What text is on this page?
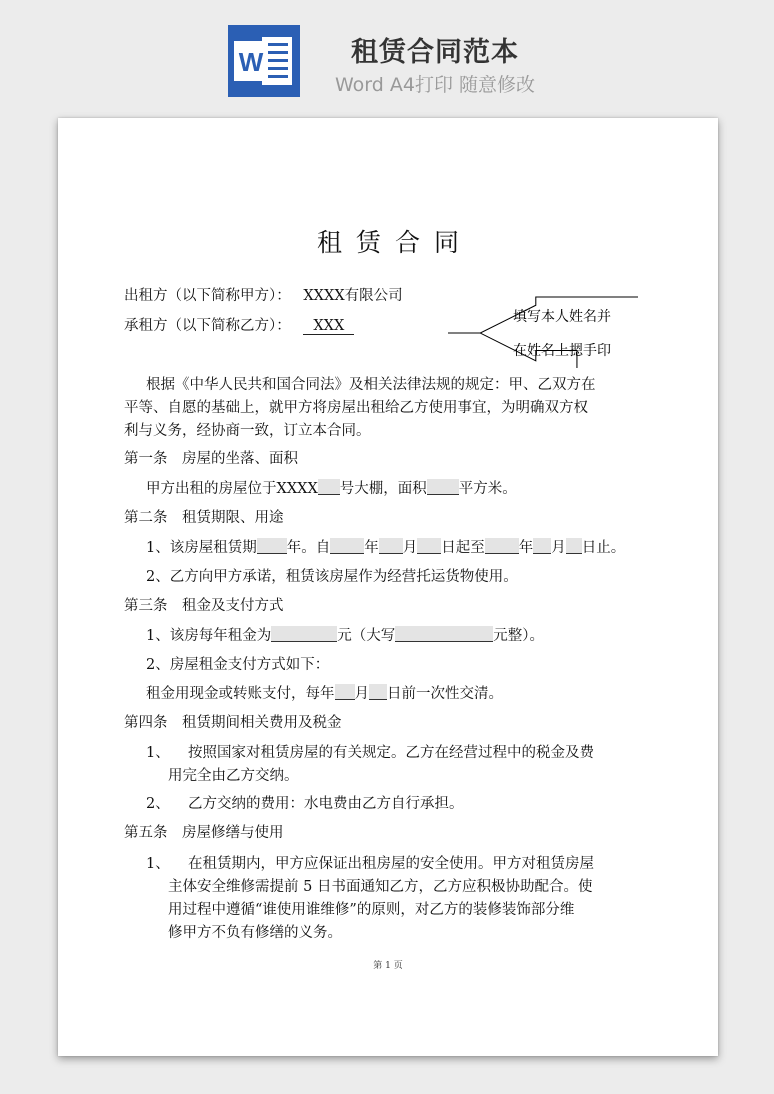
W	租赁合同范本
Word A4打印 随意修改
租赁合同
出租方（以下简称甲方）： XXXX有限公司
承租方（以下简称乙方）： XXX
填写本人姓名并
在姓名上摁手印
根据《中华人民共和国合同法》及相关法律法规的规定：甲、乙双方在
平等、自愿的基础上，就甲方将房屋出租给乙方使用事宜，为明确双方权
利与义务，经协商一致，订立本合同。
第一条　房屋的坐落、面积
甲方出租的房屋位于XXXX 号大棚，面积 平方米。
第二条　租赁期限、用途
1、该房屋租赁期 年。自 年 月 日起至 年 月 日止。
2、乙方向甲方承诺，租赁该房屋作为经营托运货物使用。
第三条　租金及支付方式
1、该房每年租金为	元（大写	元整）。
2、房屋租金支付方式如下：
租金用现金或转账支付，每年 月 日前一次性交清。
第四条　租赁期间相关费用及税金
1、 按照国家对租赁房屋的有关规定。乙方在经营过程中的税金及费
用完全由乙方交纳。
2、 乙方交纳的费用：水电费由乙方自行承担。
第五条　房屋修缮与使用
1、 在租赁期内，甲方应保证出租房屋的安全使用。甲方对租赁房屋
主体安全维修需提前 5 日书面通知乙方，乙方应积极协助配合。使
用过程中遵循“谁使用谁维修”的原则，对乙方的装修装饰部分维
修甲方不负有修缮的义务。
第 1 页
